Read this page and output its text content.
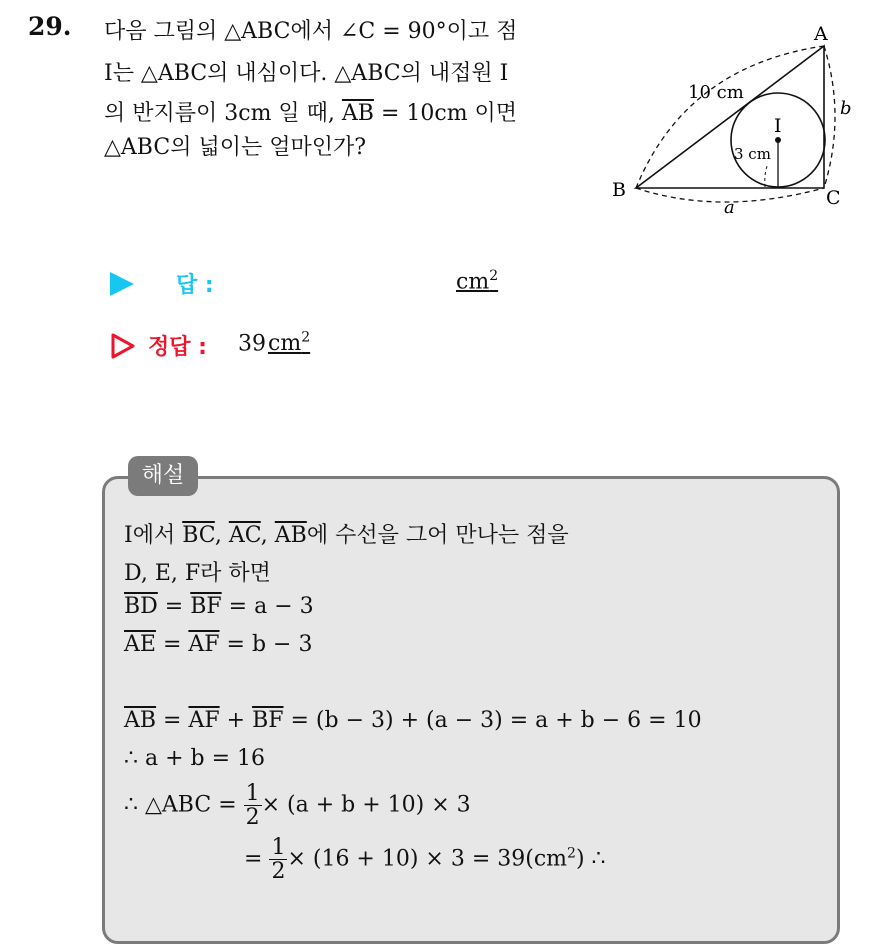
29. 다음 그림의 △ABC에서 ∠C = 90°이고 점
I는 △ABC의 내심이다. △ABC의 내접원 I
의 반지름이 3cm 일 때, $\overline{AB} = 10cm$ 이면
△ABC의 넓이는 얼마인가?
A
B	C
I
10 cm
3 cm
a
b
답 :	$cm^2$
정답 : $39cm^2$
해설
I에서 $\overline{BC}$, $\overline{AC}$, $\overline{AB}$에 수선을 그어 만나는 점을
D, E, F라 하면
$\overline{BD} = \overline{BF} = a - 3$
$\overline{AE} = \overline{AF} = b - 3$
$\overline{AB} = \overline{AF} + \overline{BF} = (b - 3) + (a - 3) = a + b - 6 = 10$
∴ a + b = 16
∴ △ABC = $\frac{1}{2} \times (a + b + 10) \times 3$
= $\frac{1}{2} \times (16 + 10) \times 3 = 39(cm^2)$ ∴
